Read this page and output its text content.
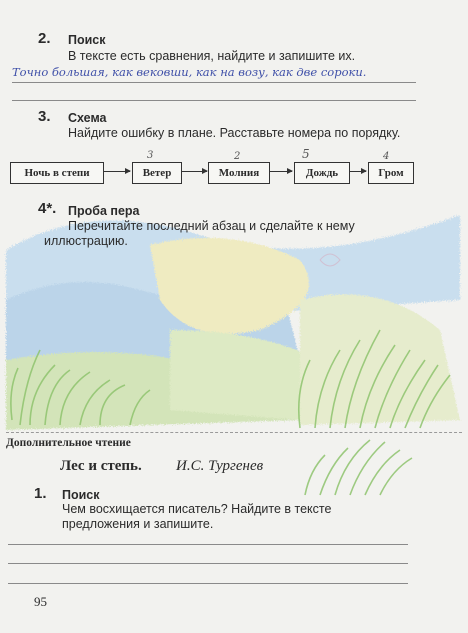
2. Поиск
В тексте есть сравнения, найдите и запишите их.
Точно большая, как вековши, как на возу, как две сороки.
3. Схема
Найдите ошибку в плане. Расставьте номера по порядку.
3	2	5	4
Ночь в степи	Ветер	Молния	Дождь	Гром
4*. Проба пера
Перечитайте последний абзац и сделайте к нему иллюстрацию.
Дополнительное чтение
Лес и степь. И.С. Тургенев
1. Поиск
Чем восхищается писатель? Найдите в тексте предложения и запишите.
95
